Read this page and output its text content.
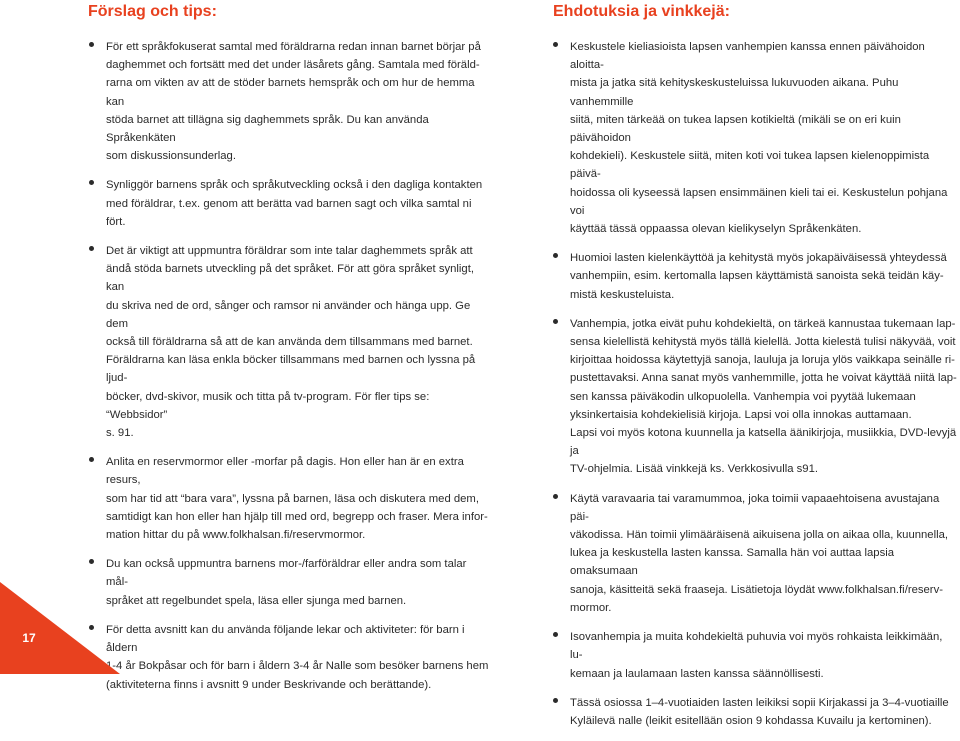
Förslag och tips:	Ehdotuksia ja vinkkejä:
För ett språkfokuserat samtal med föräldrarna redan innan barnet börjar på
daghemmet och fortsätt med det under läsårets gång. Samtala med föräld-
rarna om vikten av att de stöder barnets hemspråk och om hur de hemma kan
stöda barnet att tillägna sig daghemmets språk. Du kan använda Språkenkäten
som diskussionsunderlag.
Synliggör barnens språk och språkutveckling också i den dagliga kontakten
med föräldrar, t.ex. genom att berätta vad barnen sagt och vilka samtal ni fört.
Det är viktigt att uppmuntra föräldrar som inte talar daghemmets språk att
ändå stöda barnets utveckling på det språket. För att göra språket synligt, kan
du skriva ned de ord, sånger och ramsor ni använder och hänga upp. Ge dem
också till föräldrarna så att de kan använda dem tillsammans med barnet.
Föräldrarna kan läsa enkla böcker tillsammans med barnen och lyssna på ljud-
böcker, dvd-skivor, musik och titta på tv-program. För fler tips se: “Webbsidor”
s. 91.
Anlita en reservmormor eller -morfar på dagis. Hon eller han är en extra resurs,
som har tid att “bara vara”, lyssna på barnen, läsa och diskutera med dem,
samtidigt kan hon eller han hjälp till med ord, begrepp och fraser. Mera infor-
mation hittar du på www.folkhalsan.fi/reservmormor.
Du kan också uppmuntra barnens mor-/farföräldrar eller andra som talar mål-
språket att regelbundet spela, läsa eller sjunga med barnen.
För detta avsnitt kan du använda följande lekar och aktiviteter: för barn i åldern
1-4 år Bokpåsar och för barn i åldern 3-4 år Nalle som besöker barnens hem
(aktiviteterna finns i avsnitt 9 under Beskrivande och berättande).
Keskustele kieliasioista lapsen vanhempien kanssa ennen päivähoidon aloitta-
mista ja jatka sitä kehityskeskusteluissa lukuvuoden aikana. Puhu vanhemmille
siitä, miten tärkeää on tukea lapsen kotikieltä (mikäli se on eri kuin päivähoidon
kohdekieli). Keskustele siitä, miten koti voi tukea lapsen kielenoppimista päivä-
hoidossa oli kyseessä lapsen ensimmäinen kieli tai ei. Keskustelun pohjana voi
käyttää tässä oppaassa olevan kielikyselyn Språkenkäten.
Huomioi lasten kielenkäyttöä ja kehitystä myös jokapäiväisessä yhteydessä
vanhempiin, esim. kertomalla lapsen käyttämistä sanoista sekä teidän käy-
mistä keskusteluista.
Vanhempia, jotka eivät puhu kohdekieltä, on tärkeä kannustaa tukemaan lap-
sensa kielellistä kehitystä myös tällä kielellä. Jotta kielestä tulisi näkyvää, voit
kirjoittaa hoidossa käytettyjä sanoja, lauluja ja loruja ylös vaikkapa seinälle ri-
pustettavaksi. Anna sanat myös vanhemmille, jotta he voivat käyttää niitä lap-
sen kanssa päiväkodin ulkopuolella. Vanhempia voi pyytää lukemaan
yksinkertaisia kohdekielisiä kirjoja. Lapsi voi olla innokas auttamaan.
Lapsi voi myös kotona kuunnella ja katsella äänikirjoja, musiikkia, DVD-levyjä ja
TV-ohjelmia. Lisää vinkkejä ks. Verkkosivulla s91.
Käytä varavaaria tai varamummoa, joka toimii vapaaehtoisena avustajana päi-
väkodissa. Hän toimii ylimääräisenä aikuisena jolla on aikaa olla, kuunnella,
lukea ja keskustella lasten kanssa. Samalla hän voi auttaa lapsia omaksumaan
sanoja, käsitteitä sekä fraaseja. Lisätietoja löydät www.folkhalsan.fi/reserv-
mormor.
Isovanhempia ja muita kohdekieltä puhuvia voi myös rohkaista leikkimään, lu-
kemaan ja laulamaan lasten kanssa säännöllisesti.
Tässä osiossa 1–4-vuotiaiden lasten leikiksi sopii Kirjakassi ja 3–4-vuotiaille
Kyläilevä nalle (leikit esitellään osion 9 kohdassa Kuvailu ja kertominen).
17
